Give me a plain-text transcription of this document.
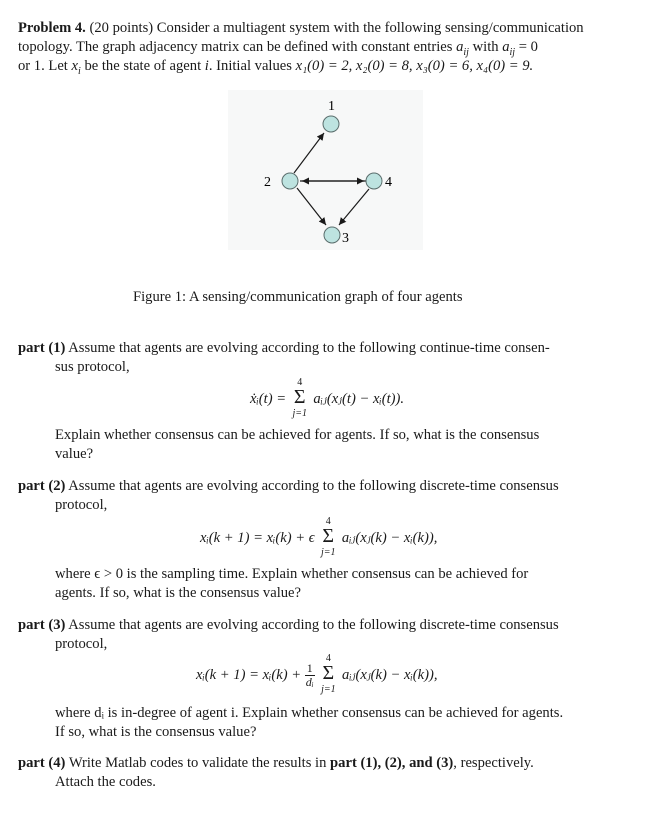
Problem 4. (20 points) Consider a multiagent system with the following sensing/communication
topology. The graph adjacency matrix can be defined with constant entries $a_{ij}$ with $a_{ij} = 0$
or 1. Let $x_i$ be the state of agent i. Initial values x₁(0) = 2, x₂(0) = 8, x₃(0) = 6, x₄(0) = 9.
1
2
3
4
Figure 1: A sensing/communication graph of four agents
part (1) Assume that agents are evolving according to the following continue-time consen-
sus protocol,
ẋᵢ(t) =
4
Σ
j=1
aᵢⱼ(xⱼ(t) − xᵢ(t)).
Explain whether consensus can be achieved for agents. If so, what is the consensus
value?
part (2) Assume that agents are evolving according to the following discrete-time consensus
protocol,
xᵢ(k + 1) = xᵢ(k) + ϵ
4
Σ
j=1
aᵢⱼ(xⱼ(k) − xᵢ(k)),
where ϵ > 0 is the sampling time. Explain whether consensus can be achieved for
agents. If so, what is the consensus value?
part (3) Assume that agents are evolving according to the following discrete-time consensus
protocol,
xᵢ(k + 1) = xᵢ(k) + $\frac{1}{\text{dᵢ}}$

4
Σ
j=1
aᵢⱼ(xⱼ(k) − xᵢ(k)),
where dᵢ is in-degree of agent i. Explain whether consensus can be achieved for agents.
If so, what is the consensus value?
part (4) Write Matlab codes to validate the results in part (1), (2), and (3), respectively.
Attach the codes.
